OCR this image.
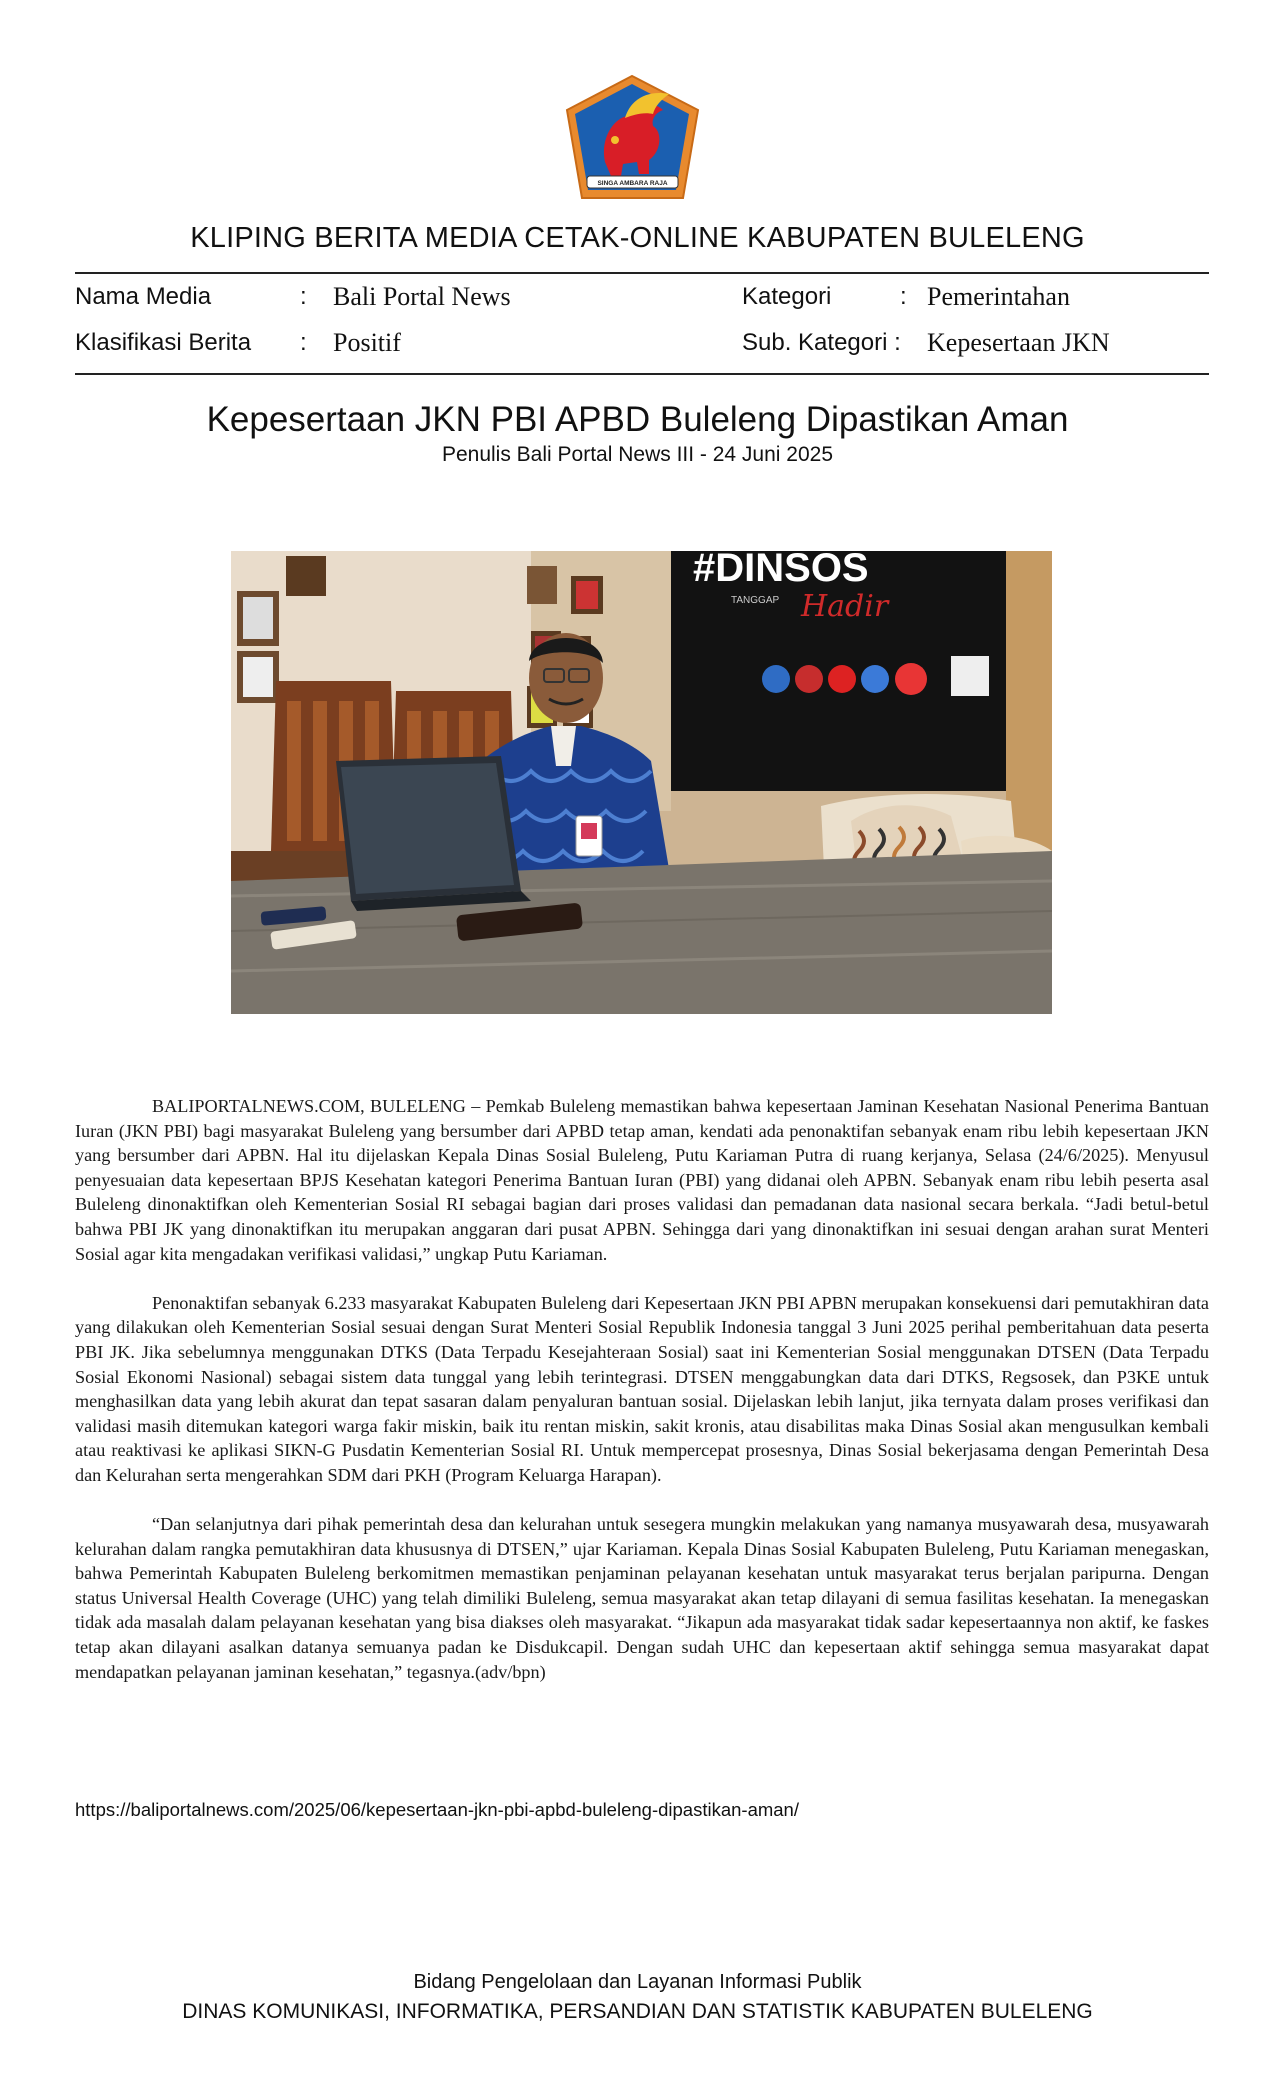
SINGA AMBARA RAJA
KLIPING BERITA MEDIA CETAK-ONLINE KABUPATEN BULELENG
Nama Media	: Bali Portal News	Kategori	: Pemerintahan
Klasifikasi Berita : Positif	Sub. Kategori : Kepesertaan JKN
Kepesertaan JKN PBI APBD Buleleng Dipastikan Aman
Penulis Bali Portal News III - 24 Juni 2025
#DINSOS
Hadir
TANGGAP

BALIPORTALNEWS.COM, BULELENG – Pemkab Buleleng memastikan bahwa kepesertaan Jaminan Kesehatan Nasional Penerima Bantuan Iuran (JKN PBI) bagi masyarakat Buleleng yang bersumber dari APBD tetap aman, kendati ada penonaktifan sebanyak enam ribu lebih kepesertaan JKN yang bersumber dari APBN. Hal itu dijelaskan Kepala Dinas Sosial Buleleng, Putu Kariaman Putra di ruang kerjanya, Selasa (24/6/2025). Menyusul penyesuaian data kepesertaan BPJS Kesehatan kategori Penerima Bantuan Iuran (PBI) yang didanai oleh APBN. Sebanyak enam ribu lebih peserta asal Buleleng dinonaktifkan oleh Kementerian Sosial RI sebagai bagian dari proses validasi dan pemadanan data nasional secara berkala. “Jadi betul-betul bahwa PBI JK yang dinonaktifkan itu merupakan anggaran dari pusat APBN. Sehingga dari yang dinonaktifkan ini sesuai dengan arahan surat Menteri Sosial agar kita mengadakan verifikasi validasi,” ungkap Putu Kariaman.

Penonaktifan sebanyak 6.233 masyarakat Kabupaten Buleleng dari Kepesertaan JKN PBI APBN merupakan konsekuensi dari pemutakhiran data yang dilakukan oleh Kementerian Sosial sesuai dengan Surat Menteri Sosial Republik Indonesia tanggal 3 Juni 2025 perihal pemberitahuan data peserta PBI JK. Jika sebelumnya menggunakan DTKS (Data Terpadu Kesejahteraan Sosial) saat ini Kementerian Sosial menggunakan DTSEN (Data Terpadu Sosial Ekonomi Nasional) sebagai sistem data tunggal yang lebih terintegrasi. DTSEN menggabungkan data dari DTKS, Regsosek, dan P3KE untuk menghasilkan data yang lebih akurat dan tepat sasaran dalam penyaluran bantuan sosial. Dijelaskan lebih lanjut, jika ternyata dalam proses verifikasi dan validasi masih ditemukan kategori warga fakir miskin, baik itu rentan miskin, sakit kronis, atau disabilitas maka Dinas Sosial akan mengusulkan kembali atau reaktivasi ke aplikasi SIKN-G Pusdatin Kementerian Sosial RI. Untuk mempercepat prosesnya, Dinas Sosial bekerjasama dengan Pemerintah Desa dan Kelurahan serta mengerahkan SDM dari PKH (Program Keluarga Harapan).

“Dan selanjutnya dari pihak pemerintah desa dan kelurahan untuk sesegera mungkin melakukan yang namanya musyawarah desa, musyawarah kelurahan dalam rangka pemutakhiran data khususnya di DTSEN,” ujar Kariaman. Kepala Dinas Sosial Kabupaten Buleleng, Putu Kariaman menegaskan, bahwa Pemerintah Kabupaten Buleleng berkomitmen memastikan penjaminan pelayanan kesehatan untuk masyarakat terus berjalan paripurna. Dengan status Universal Health Coverage (UHC) yang telah dimiliki Buleleng, semua masyarakat akan tetap dilayani di semua fasilitas kesehatan. Ia menegaskan tidak ada masalah dalam pelayanan kesehatan yang bisa diakses oleh masyarakat. “Jikapun ada masyarakat tidak sadar kepesertaannya non aktif, ke faskes tetap akan dilayani asalkan datanya semuanya padan ke Disdukcapil. Dengan sudah UHC dan kepesertaan aktif sehingga semua masyarakat dapat mendapatkan pelayanan jaminan kesehatan,” tegasnya.(adv/bpn)

https://baliportalnews.com/2025/06/kepesertaan-jkn-pbi-apbd-buleleng-dipastikan-aman/
Bidang Pengelolaan dan Layanan Informasi Publik
DINAS KOMUNIKASI, INFORMATIKA, PERSANDIAN DAN STATISTIK KABUPATEN BULELENG
